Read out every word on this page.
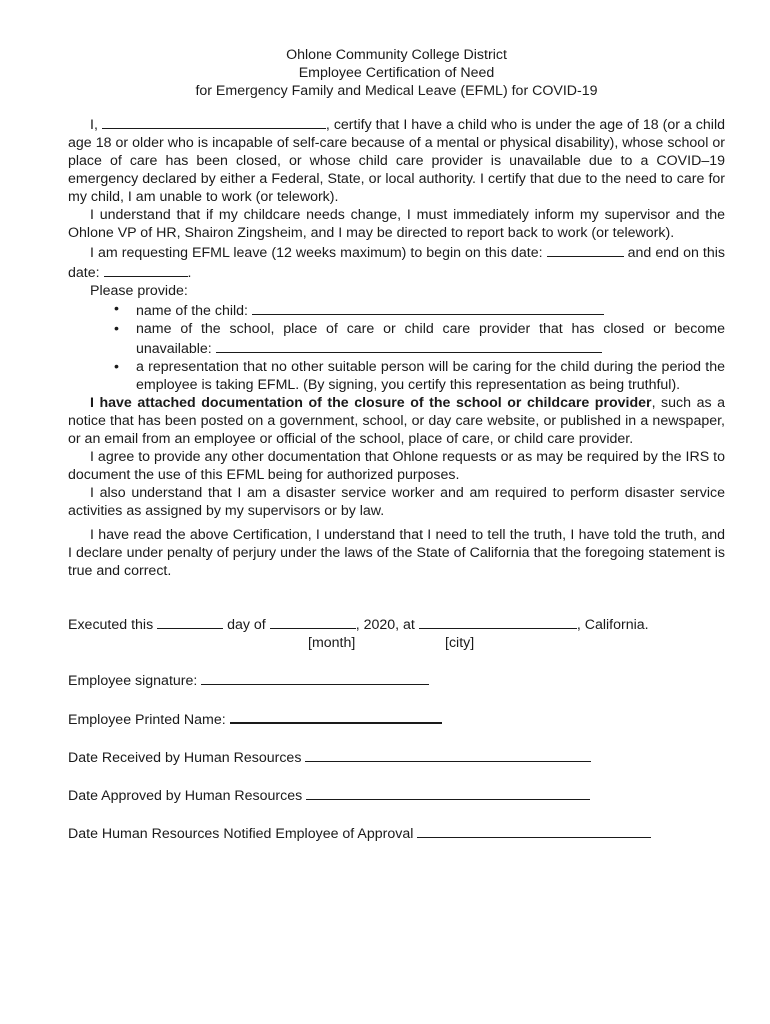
Ohlone Community College District
Employee Certification of Need
for Emergency Family and Medical Leave (EFML) for COVID-19

I,	, certify that I have a child who is under the age of 18 (or a child age 18 or older who is incapable of self-care because of a mental or physical disability), whose school or place of care has been closed, or whose child care provider is unavailable due to a COVID–19 emergency declared by either a Federal, State, or local authority. I certify that due to the need to care for my child, I am unable to work (or telework).

I understand that if my childcare needs change, I must immediately inform my supervisor and the Ohlone VP of HR, Shairon Zingsheim, and I may be directed to report back to work (or telework).

I am requesting EFML leave (12 weeks maximum) to begin on this date:	and end on this date:	.

Please provide:

• name of the child:
• name of the school, place of care or child care provider that has closed or become unavailable:
• a representation that no other suitable person will be caring for the child during the period the employee is taking EFML. (By signing, you certify this representation as being truthful).

I have attached documentation of the closure of the school or childcare provider, such as a notice that has been posted on a government, school, or day care website, or published in a newspaper, or an email from an employee or official of the school, place of care, or child care provider.

I agree to provide any other documentation that Ohlone requests or as may be required by the IRS to document the use of this EFML being for authorized purposes.

I also understand that I am a disaster service worker and am required to perform disaster service activities as assigned by my supervisors or by law.

I have read the above Certification, I understand that I need to tell the truth, I have told the truth, and I declare under penalty of perjury under the laws of the State of California that the foregoing statement is true and correct.

Executed this	day of	, 2020, at	, California.
[month]	[city]
Employee signature:
Employee Printed Name:
Date Received by Human Resources
Date Approved by Human Resources
Date Human Resources Notified Employee of Approval
